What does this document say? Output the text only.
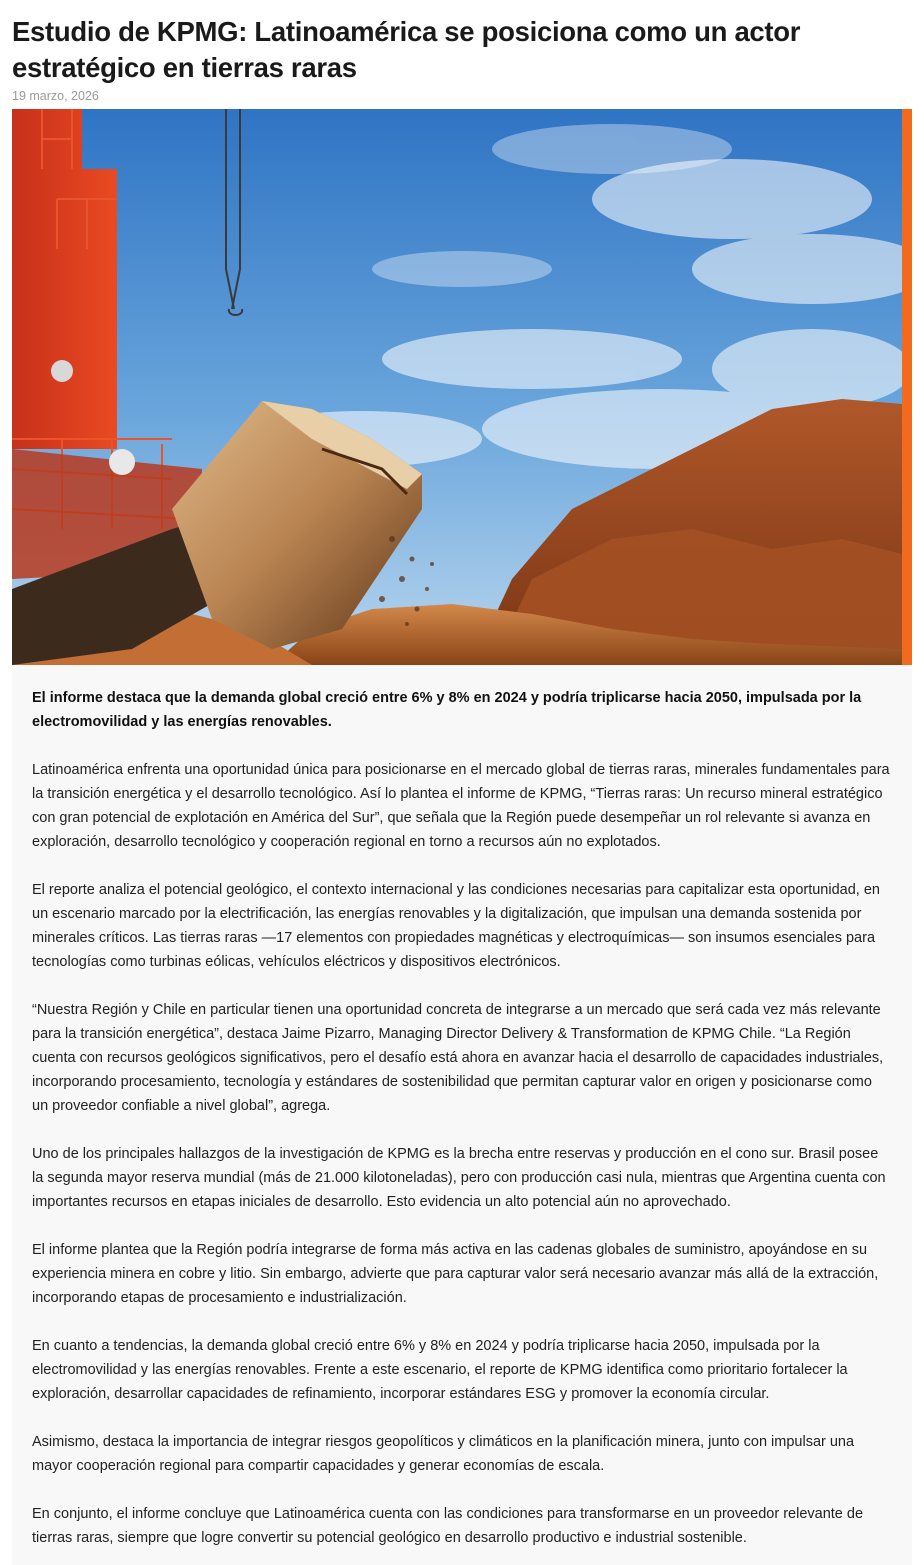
Estudio de KPMG: Latinoamérica se posiciona como un actor estratégico en tierras raras
19 marzo, 2026

El informe destaca que la demanda global creció entre 6% y 8% en 2024 y podría triplicarse hacia 2050, impulsada por la electromovilidad y las energías renovables.

Latinoamérica enfrenta una oportunidad única para posicionarse en el mercado global de tierras raras, minerales fundamentales para la transición energética y el desarrollo tecnológico. Así lo plantea el informe de KPMG, “Tierras raras: Un recurso mineral estratégico con gran potencial de explotación en América del Sur”, que señala que la Región puede desempeñar un rol relevante si avanza en exploración, desarrollo tecnológico y cooperación regional en torno a recursos aún no explotados.

El reporte analiza el potencial geológico, el contexto internacional y las condiciones necesarias para capitalizar esta oportunidad, en un escenario marcado por la electrificación, las energías renovables y la digitalización, que impulsan una demanda sostenida por minerales críticos. Las tierras raras —17 elementos con propiedades magnéticas y electroquímicas— son insumos esenciales para tecnologías como turbinas eólicas, vehículos eléctricos y dispositivos electrónicos.

“Nuestra Región y Chile en particular tienen una oportunidad concreta de integrarse a un mercado que será cada vez más relevante para la transición energética”, destaca Jaime Pizarro, Managing Director Delivery & Transformation de KPMG Chile. “La Región cuenta con recursos geológicos significativos, pero el desafío está ahora en avanzar hacia el desarrollo de capacidades industriales, incorporando procesamiento, tecnología y estándares de sostenibilidad que permitan capturar valor en origen y posicionarse como un proveedor confiable a nivel global”, agrega.

Uno de los principales hallazgos de la investigación de KPMG es la brecha entre reservas y producción en el cono sur. Brasil posee la segunda mayor reserva mundial (más de 21.000 kilotoneladas), pero con producción casi nula, mientras que Argentina cuenta con importantes recursos en etapas iniciales de desarrollo. Esto evidencia un alto potencial aún no aprovechado.

El informe plantea que la Región podría integrarse de forma más activa en las cadenas globales de suministro, apoyándose en su experiencia minera en cobre y litio. Sin embargo, advierte que para capturar valor será necesario avanzar más allá de la extracción, incorporando etapas de procesamiento e industrialización.

En cuanto a tendencias, la demanda global creció entre 6% y 8% en 2024 y podría triplicarse hacia 2050, impulsada por la electromovilidad y las energías renovables. Frente a este escenario, el reporte de KPMG identifica como prioritario fortalecer la exploración, desarrollar capacidades de refinamiento, incorporar estándares ESG y promover la economía circular.

Asimismo, destaca la importancia de integrar riesgos geopolíticos y climáticos en la planificación minera, junto con impulsar una mayor cooperación regional para compartir capacidades y generar economías de escala.

En conjunto, el informe concluye que Latinoamérica cuenta con las condiciones para transformarse en un proveedor relevante de tierras raras, siempre que logre convertir su potencial geológico en desarrollo productivo e industrial sostenible.
